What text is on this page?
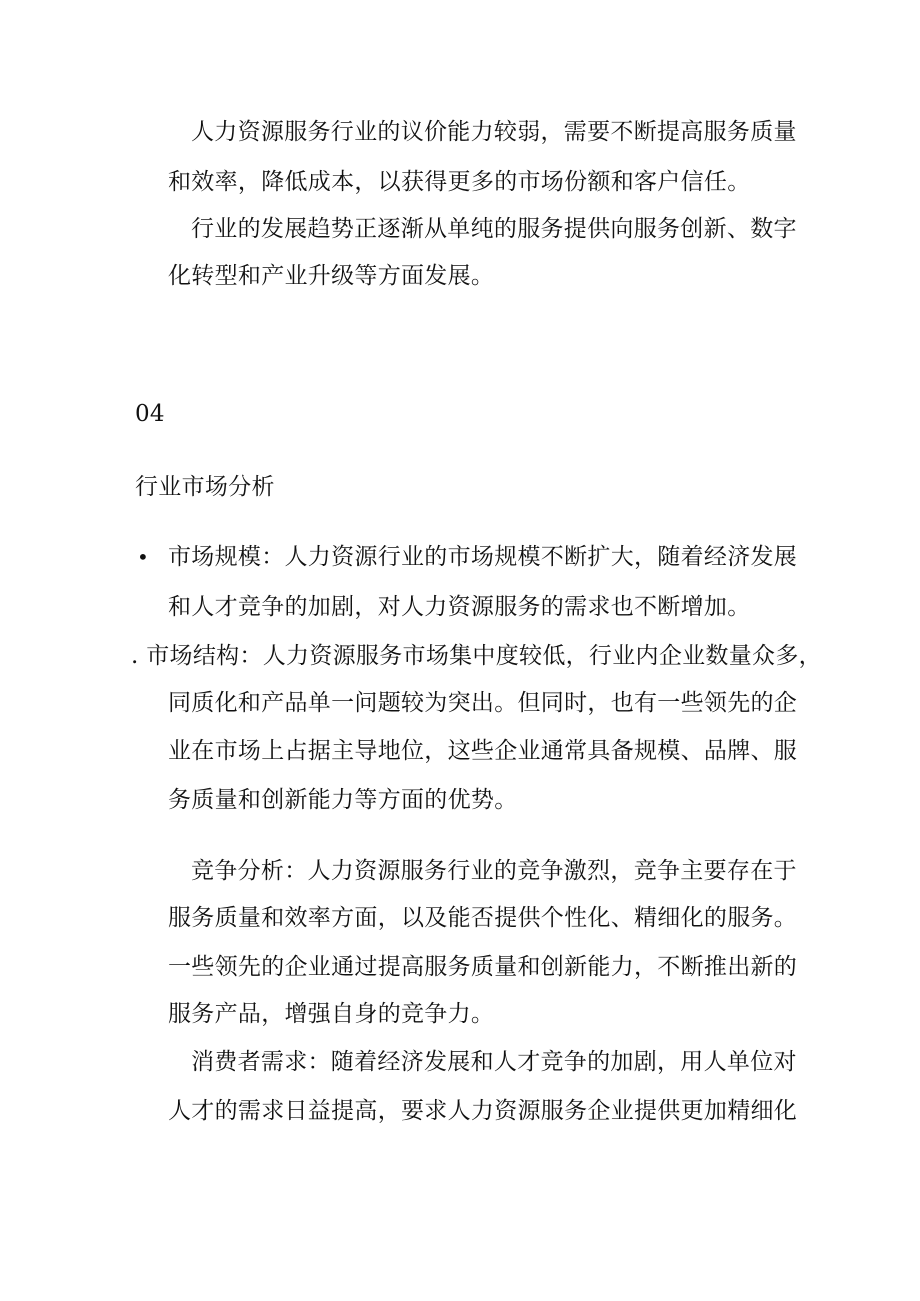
人力资源服务行业的议价能力较弱，需要不断提高服务质量
和效率，降低成本，以获得更多的市场份额和客户信任。
行业的发展趋势正逐渐从单纯的服务提供向服务创新、数字
化转型和产业升级等方面发展。
04
行业市场分析
• 市场规模：人力资源行业的市场规模不断扩大，随着经济发展
和人才竞争的加剧，对人力资源服务的需求也不断增加。
. 市场结构：人力资源服务市场集中度较低，行业内企业数量众多，
同质化和产品单一问题较为突出。但同时，也有一些领先的企
业在市场上占据主导地位，这些企业通常具备规模、品牌、服
务质量和创新能力等方面的优势。
竞争分析：人力资源服务行业的竞争激烈，竞争主要存在于
服务质量和效率方面，以及能否提供个性化、精细化的服务。
一些领先的企业通过提高服务质量和创新能力，不断推出新的
服务产品，增强自身的竞争力。
消费者需求：随着经济发展和人才竞争的加剧，用人单位对
人才的需求日益提高，要求人力资源服务企业提供更加精细化
